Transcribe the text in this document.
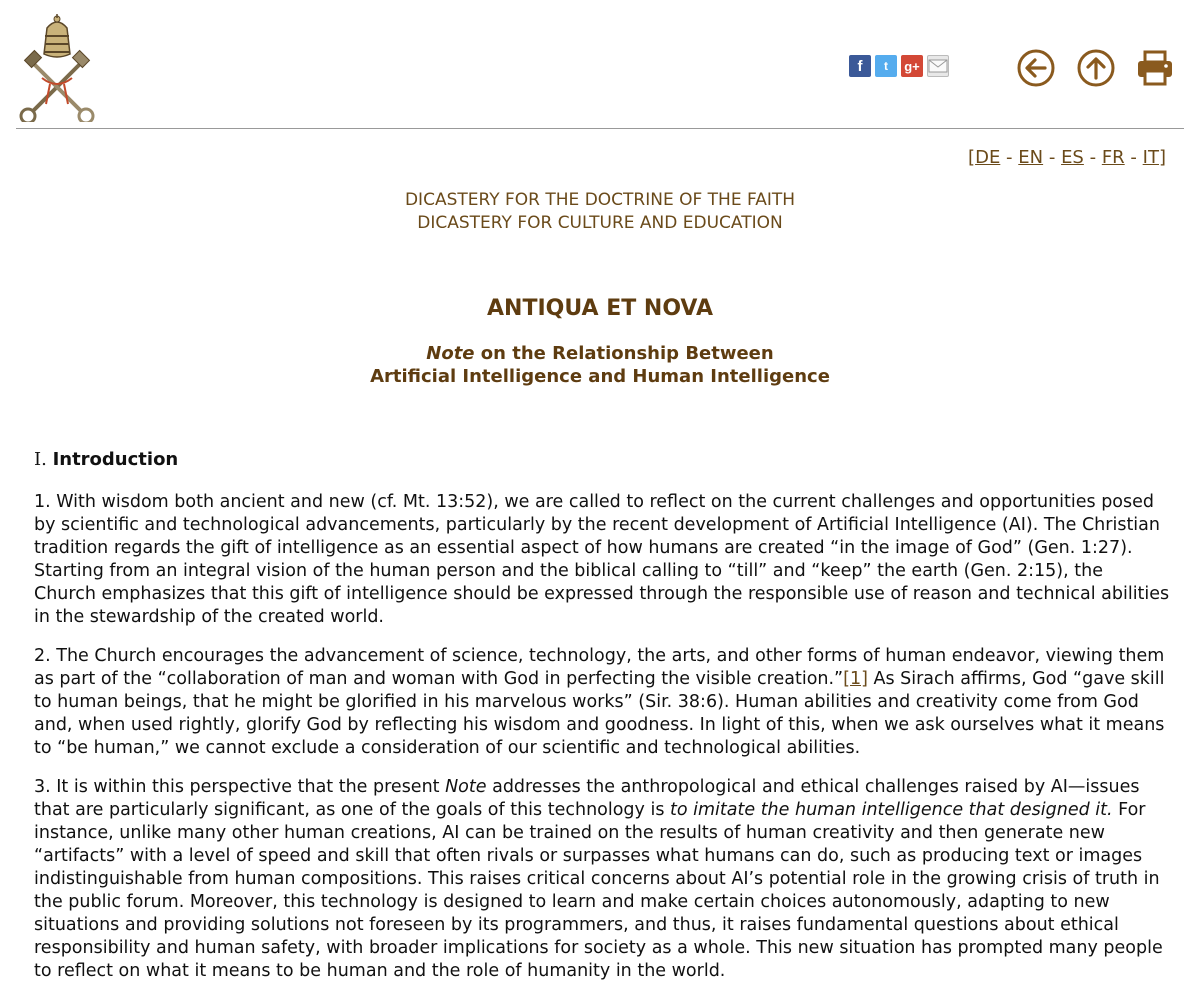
f	t	g+
[DE - EN - ES - FR - IT]
DICASTERY FOR THE DOCTRINE OF THE FAITH
DICASTERY FOR CULTURE AND EDUCATION
ANTIQUA ET NOVA
Note on the Relationship Between
Artificial Intelligence and Human Intelligence
I. Introduction

1. With wisdom both ancient and new (cf. Mt. 13:52), we are called to reflect on the current challenges and opportunities posed by scientific and technological advancements, particularly by the recent development of Artificial Intelligence (AI). The Christian tradition regards the gift of intelligence as an essential aspect of how humans are created “in the image of God” (Gen. 1:27). Starting from an integral vision of the human person and the biblical calling to “till” and “keep” the earth (Gen. 2:15), the Church emphasizes that this gift of intelligence should be expressed through the responsible use of reason and technical abilities in the stewardship of the created world.

2. The Church encourages the advancement of science, technology, the arts, and other forms of human endeavor, viewing them as part of the “collaboration of man and woman with God in perfecting the visible creation.”[1] As Sirach affirms, God “gave skill to human beings, that he might be glorified in his marvelous works” (Sir. 38:6). Human abilities and creativity come from God and, when used rightly, glorify God by reflecting his wisdom and goodness. In light of this, when we ask ourselves what it means to “be human,” we cannot exclude a consideration of our scientific and technological abilities.

3. It is within this perspective that the present Note addresses the anthropological and ethical challenges raised by AI—issues that are particularly significant, as one of the goals of this technology is to imitate the human intelligence that designed it. For instance, unlike many other human creations, AI can be trained on the results of human creativity and then generate new “artifacts” with a level of speed and skill that often rivals or surpasses what humans can do, such as producing text or images indistinguishable from human compositions. This raises critical concerns about AI’s potential role in the growing crisis of truth in the public forum. Moreover, this technology is designed to learn and make certain choices autonomously, adapting to new situations and providing solutions not foreseen by its programmers, and thus, it raises fundamental questions about ethical responsibility and human safety, with broader implications for society as a whole. This new situation has prompted many people to reflect on what it means to be human and the role of humanity in the world.
